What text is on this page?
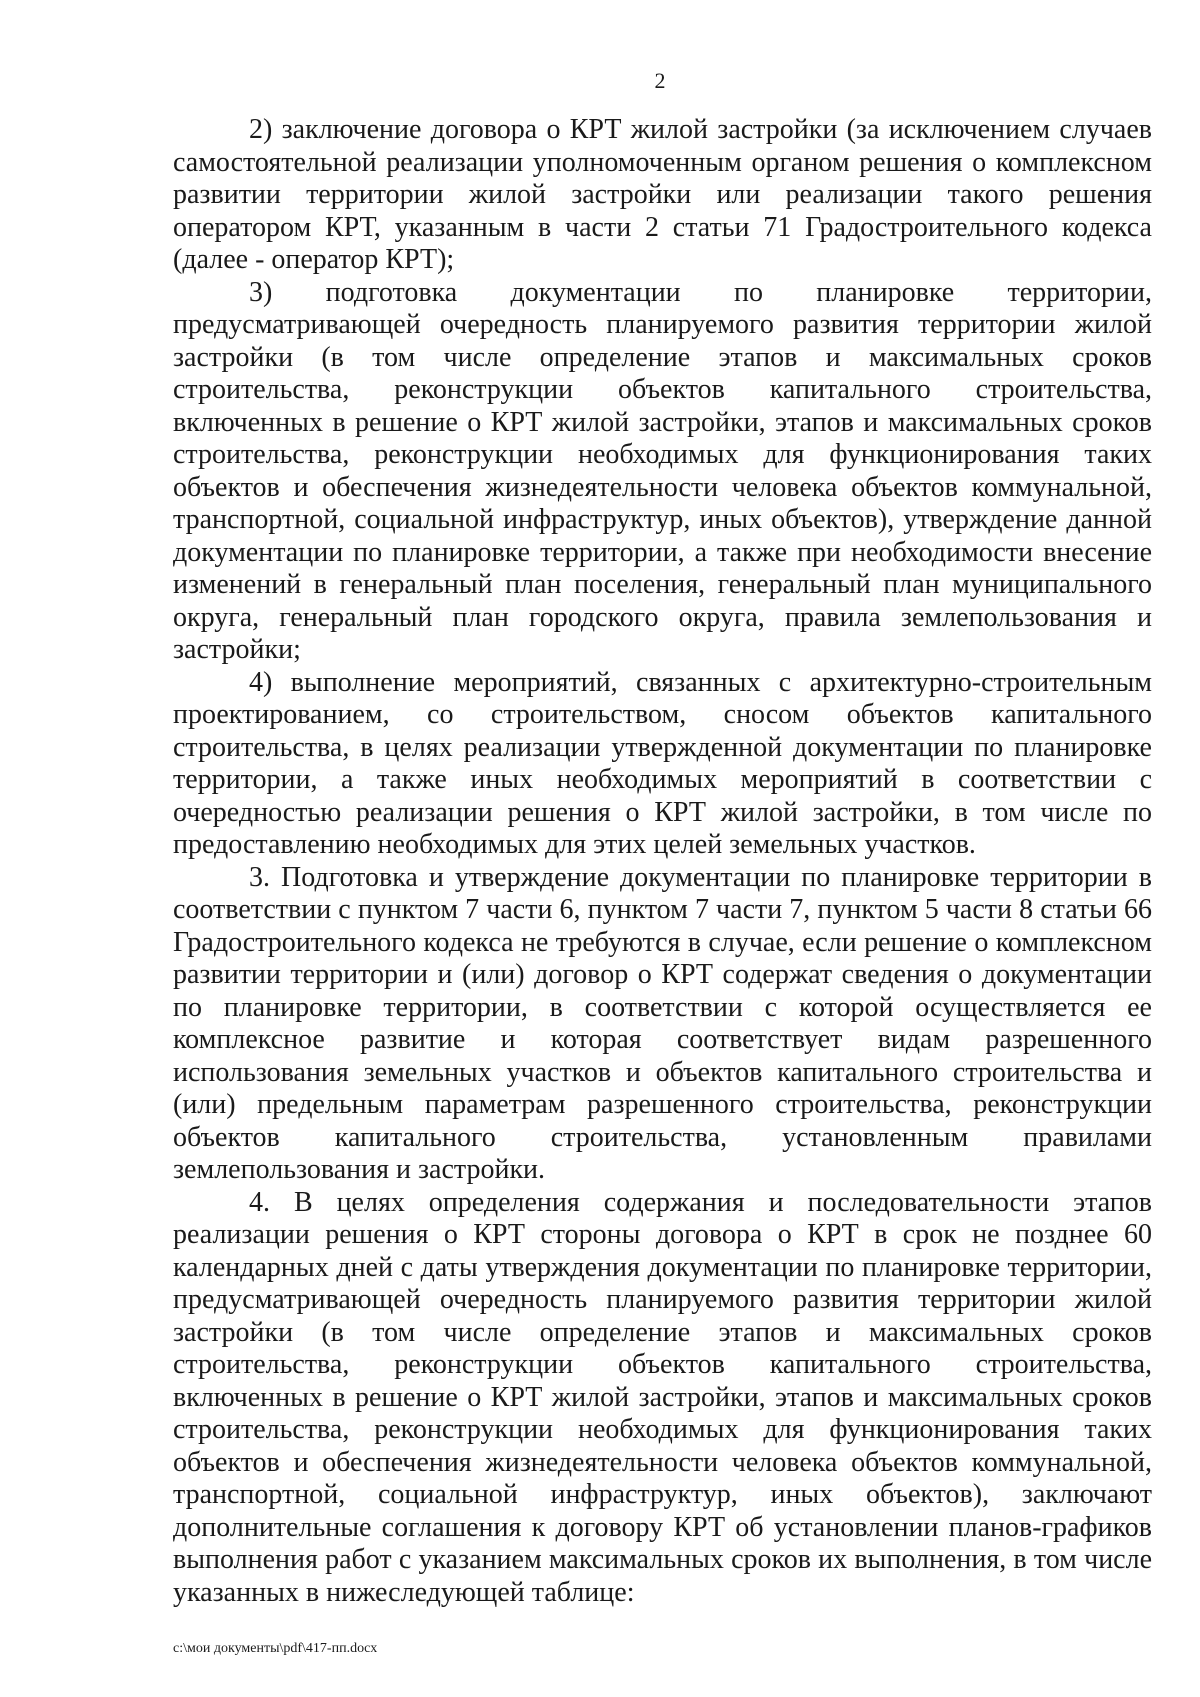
2

2) заключение договора о КРТ жилой застройки (за исключением случаев самостоятельной реализации уполномоченным органом решения о комплексном развитии территории жилой застройки или реализации такого решения оператором КРТ, указанным в части 2 статьи 71 Градостроительного кодекса (далее - оператор КРТ);

3) подготовка документации по планировке территории, предусматривающей очередность планируемого развития территории жилой застройки (в том числе определение этапов и максимальных сроков строительства, реконструкции объектов капитального строительства, включенных в решение о КРТ жилой застройки, этапов и максимальных сроков строительства, реконструкции необходимых для функционирования таких объектов и обеспечения жизнедеятельности человека объектов коммунальной, транспортной, социальной инфраструктур, иных объектов), утверждение данной документации по планировке территории, а также при необходимости внесение изменений в генеральный план поселения, генеральный план муниципального округа, генеральный план городского округа, правила землепользования и застройки;

4) выполнение мероприятий, связанных с архитектурно-строительным проектированием, со строительством, сносом объектов капитального строительства, в целях реализации утвержденной документации по планировке территории, а также иных необходимых мероприятий в соответствии с очередностью реализации решения о КРТ жилой застройки, в том числе по предоставлению необходимых для этих целей земельных участков.

3. Подготовка и утверждение документации по планировке территории в соответствии с пунктом 7 части 6, пунктом 7 части 7, пунктом 5 части 8 статьи 66 Градостроительного кодекса не требуются в случае, если решение о комплексном развитии территории и (или) договор о КРТ содержат сведения о документации по планировке территории, в соответствии с которой осуществляется ее комплексное развитие и которая соответствует видам разрешенного использования земельных участков и объектов капитального строительства и (или) предельным параметрам разрешенного строительства, реконструкции объектов капитального строительства, установленным правилами землепользования и застройки.

4. В целях определения содержания и последовательности этапов реализации решения о КРТ стороны договора о КРТ в срок не позднее 60 календарных дней с даты утверждения документации по планировке территории, предусматривающей очередность планируемого развития территории жилой застройки (в том числе определение этапов и максимальных сроков строительства, реконструкции объектов капитального строительства, включенных в решение о КРТ жилой застройки, этапов и максимальных сроков строительства, реконструкции необходимых для функционирования таких объектов и обеспечения жизнедеятельности человека объектов коммунальной, транспортной, социальной инфраструктур, иных объектов), заключают дополнительные соглашения к договору КРТ об установлении планов-графиков выполнения работ с указанием максимальных сроков их выполнения, в том числе указанных в нижеследующей таблице:

c:\мои документы\pdf\417-пп.docx
